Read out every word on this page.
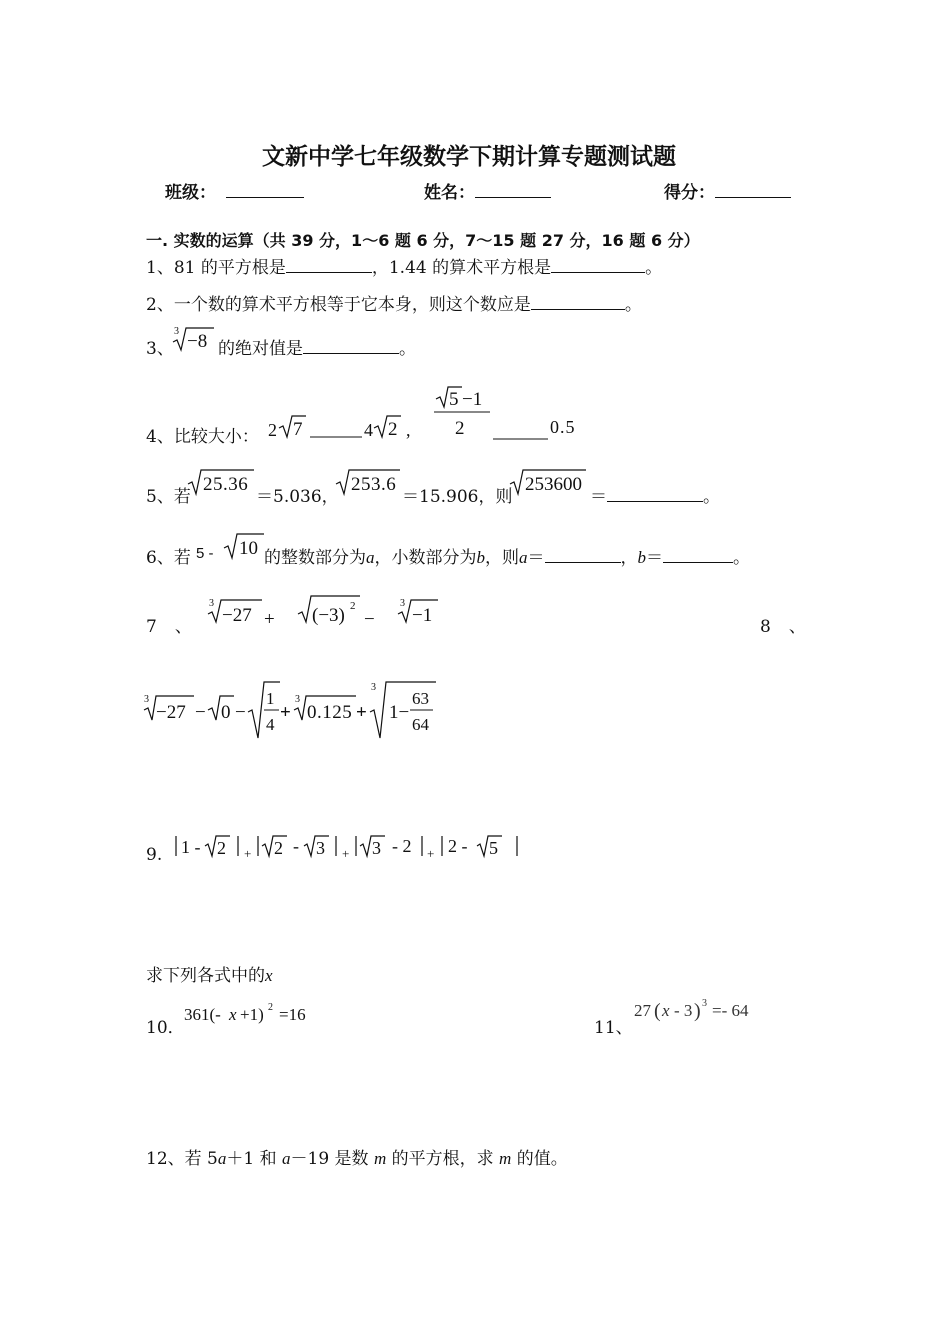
文新中学七年级数学下期计算专题测试题
班级：	姓名：	得分：
一. 实数的运算（共 39 分，1～6 题 6 分，7～15 题 27 分，16 题 6 分）
1、81 的平方根是	，1.44 的算术平方根是	。
2、一个数的算术平方根等于它本身，则这个数应是	。
3、
3 −8 的绝对值是	。
4、比较大小： 2 7	4 2 ,
5 −1
2	0.5
5、若
25.36
＝5.036，
253.6
＝15.906，则
253600
＝	。
6、若 5 - 10 的整数部分为a，小数部分为b，则a＝	，b＝	。
7 、
3
−27 + (−3) 2
−
3
−1
8 、
3
−27 − 0 −
1
4
+
3
0.125 +
3
1−
63
64
9. 1 - 2 + 2 - 3 + 3 - 2 + 2 - 5
求下列各式中的x
10．
361(- x +1) 2 =16
11、
27 ( x - 3 ) 3 =- 64
12、若 5a＋1 和 a－19 是数 m 的平方根，求 m 的值。
